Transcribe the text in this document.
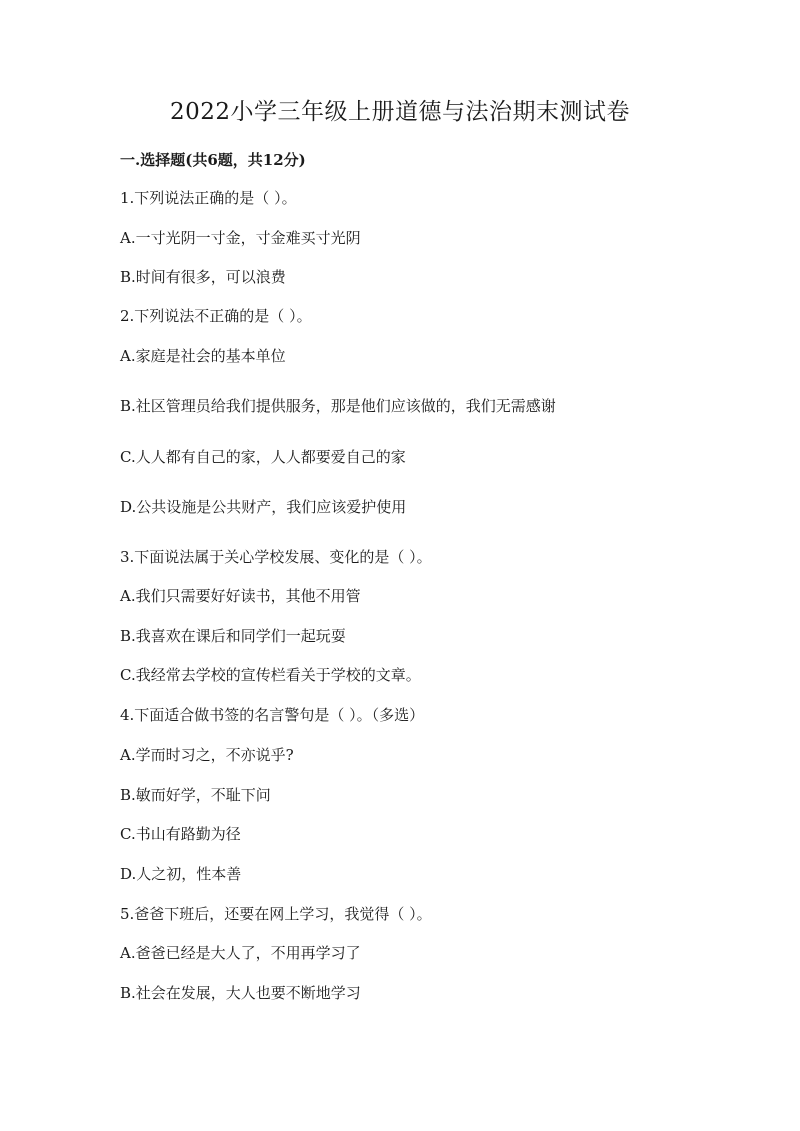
2022小学三年级上册道德与法治期末测试卷
一.选择题(共6题，共12分)
1.下列说法正确的是（ ）。
A.一寸光阴一寸金，寸金难买寸光阴
B.时间有很多，可以浪费
2.下列说法不正确的是（ ）。
A.家庭是社会的基本单位
B.社区管理员给我们提供服务，那是他们应该做的，我们无需感谢
C.人人都有自己的家，人人都要爱自己的家
D.公共设施是公共财产，我们应该爱护使用
3.下面说法属于关心学校发展、变化的是（ ）。
A.我们只需要好好读书，其他不用管
B.我喜欢在课后和同学们一起玩耍
C.我经常去学校的宣传栏看关于学校的文章。
4.下面适合做书签的名言警句是（ ）。（多选）
A.学而时习之，不亦说乎?
B.敏而好学，不耻下问
C.书山有路勤为径
D.人之初，性本善
5.爸爸下班后，还要在网上学习，我觉得（ ）。
A.爸爸已经是大人了，不用再学习了
B.社会在发展，大人也要不断地学习
